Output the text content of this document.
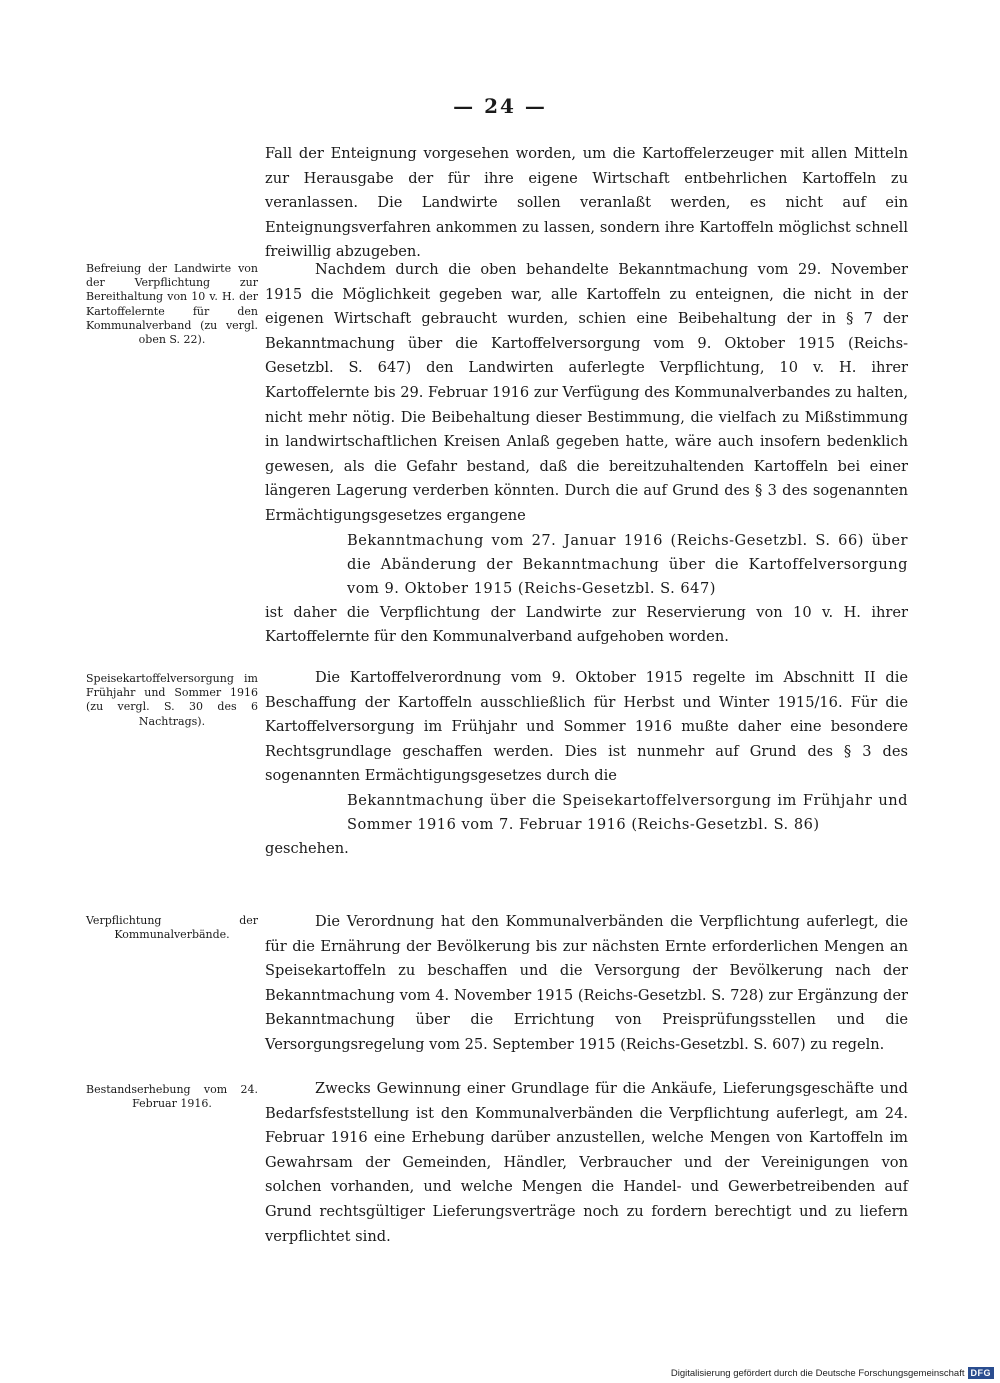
— 24 —

Fall der Enteignung vorgesehen worden, um die Kartoffelerzeuger mit allen Mitteln zur Herausgabe der für ihre eigene Wirtschaft entbehrlichen Kartoffeln zu veranlassen. Die Landwirte sollen veranlaßt werden, es nicht auf ein Enteignungsverfahren ankommen zu lassen, sondern ihre Kartoffeln möglichst schnell freiwillig abzugeben.

Befreiung der Landwirte von der Verpflichtung zur Bereithaltung von 10 v. H. der Kartoffelernte für den Kommunalverband (zu vergl. oben S. 22).

Nachdem durch die oben behandelte Bekanntmachung vom 29. November 1915 die Möglichkeit gegeben war, alle Kartoffeln zu enteignen, die nicht in der eigenen Wirtschaft gebraucht wurden, schien eine Beibehaltung der in § 7 der Bekanntmachung über die Kartoffelversorgung vom 9. Oktober 1915 (Reichs-Gesetzbl. S. 647) den Landwirten auferlegte Verpflichtung, 10 v. H. ihrer Kartoffelernte bis 29. Februar 1916 zur Verfügung des Kommunalverbandes zu halten, nicht mehr nötig. Die Beibehaltung dieser Bestimmung, die vielfach zu Mißstimmung in landwirtschaftlichen Kreisen Anlaß gegeben hatte, wäre auch insofern bedenklich gewesen, als die Gefahr bestand, daß die bereitzuhaltenden Kartoffeln bei einer längeren Lagerung verderben könnten. Durch die auf Grund des § 3 des sogenannten Ermächtigungsgesetzes ergangene

Bekanntmachung vom 27. Januar 1916 (Reichs-Gesetzbl. S. 66) über die Abänderung der Bekanntmachung über die Kartoffelversorgung vom 9. Oktober 1915 (Reichs-Gesetzbl. S. 647)

ist daher die Verpflichtung der Landwirte zur Reservierung von 10 v. H. ihrer Kartoffelernte für den Kommunalverband aufgehoben worden.

Speisekartoffelversorgung im Frühjahr und Sommer 1916 (zu vergl. S. 30 des 6 Nachtrags).

Die Kartoffelverordnung vom 9. Oktober 1915 regelte im Abschnitt II die Beschaffung der Kartoffeln ausschließlich für Herbst und Winter 1915/16. Für die Kartoffelversorgung im Frühjahr und Sommer 1916 mußte daher eine besondere Rechtsgrundlage geschaffen werden. Dies ist nunmehr auf Grund des § 3 des sogenannten Ermächtigungsgesetzes durch die

Bekanntmachung über die Speisekartoffelversorgung im Frühjahr und Sommer 1916 vom 7. Februar 1916 (Reichs-Gesetzbl. S. 86)

geschehen.

Verpflichtung der Kommunalverbände.

Die Verordnung hat den Kommunalverbänden die Verpflichtung auferlegt, die für die Ernährung der Bevölkerung bis zur nächsten Ernte erforderlichen Mengen an Speisekartoffeln zu beschaffen und die Versorgung der Bevölkerung nach der Bekanntmachung vom 4. November 1915 (Reichs-Gesetzbl. S. 728) zur Ergänzung der Bekanntmachung über die Errichtung von Preisprüfungsstellen und die Versorgungsregelung vom 25. September 1915 (Reichs-Gesetzbl. S. 607) zu regeln.

Bestandserhebung vom 24. Februar 1916.

Zwecks Gewinnung einer Grundlage für die Ankäufe, Lieferungsgeschäfte und Bedarfsfeststellung ist den Kommunalverbänden die Verpflichtung auferlegt, am 24. Februar 1916 eine Erhebung darüber anzustellen, welche Mengen von Kartoffeln im Gewahrsam der Gemeinden, Händler, Verbraucher und der Vereinigungen von solchen vorhanden, und welche Mengen die Handel- und Gewerbetreibenden auf Grund rechtsgültiger Lieferungsverträge noch zu fordern berechtigt und zu liefern verpflichtet sind.

Digitalisierung gefördert durch die Deutsche Forschungsgemeinschaft DFG
